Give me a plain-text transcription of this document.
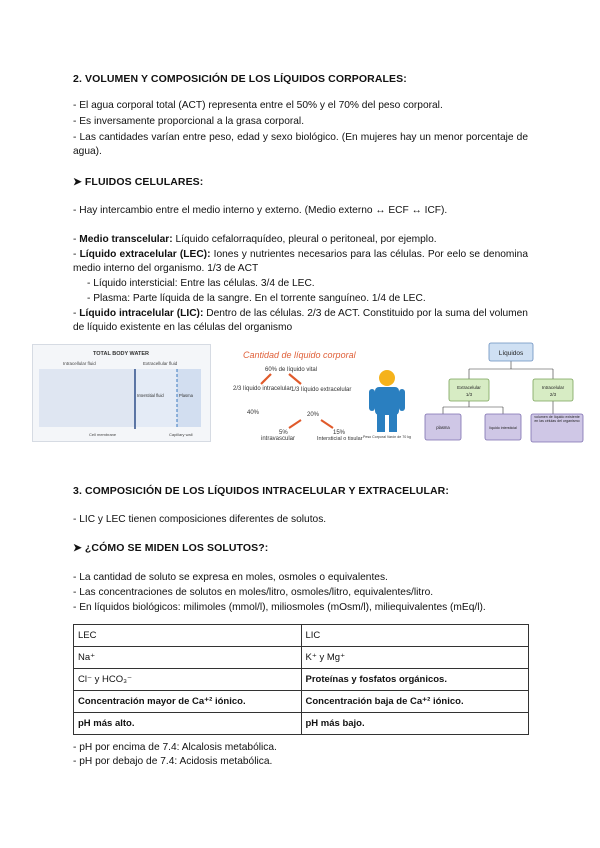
2. VOLUMEN Y COMPOSICIÓN DE LOS LÍQUIDOS CORPORALES:
- El agua corporal total (ACT) representa entre el 50% y el 70% del peso corporal.
- Es inversamente proporcional a la grasa corporal.
- Las cantidades varían entre peso, edad y sexo biológico. (En mujeres hay un menor porcentaje de agua).
➤ FLUIDOS CELULARES:
- Hay intercambio entre el medio interno y externo. (Medio externo ↔ ECF ↔ ICF).
- Medio transcelular: Líquido cefalorraquídeo, pleural o peritoneal, por ejemplo.
- Líquido extracelular (LEC): Iones y nutrientes necesarios para las células. Por eelo se denomina medio interno del organismo. 1/3 de ACT
- Líquido intersticial: Entre las células. 3/4 de LEC.
- Plasma: Parte líquida de la sangre. En el torrente sanguíneo. 1/4 de LEC.
- Líquido intracelular (LIC): Dentro de las células. 2/3 de ACT. Constituido por la suma del volumen de líquido existente en las células del organismo
TOTAL BODY WATER
Intracellular fluid	Extracellular fluid
Interstitial fluid	Plasma
Cell membrane	Capillary wall
Cantidad de líquido corporal
60% de líquido vital
2/3 líquido intracelular
40%
1/3 líquido extracelular
20%
5%
intravascular
15%
Intersticial o tisular Peso Corporal Varón de 70 kg
Líquidos
Extracelular
1/3
Intracelular
2/3
plasma	líquido intersticial
volumen de líquido existente en las células del organismo
3. COMPOSICIÓN DE LOS LÍQUIDOS INTRACELULAR Y EXTRACELULAR:
- LIC y LEC tienen composiciones diferentes de solutos.
➤ ¿CÓMO SE MIDEN LOS SOLUTOS?:
- La cantidad de soluto se expresa en moles, osmoles o equivalentes.
- Las concentraciones de solutos en moles/litro, osmoles/litro, equivalentes/litro.
- En líquidos biológicos: milimoles (mmol/l), miliosmoles (mOsm/l), miliequivalentes (mEq/l).
LEC	LIC
Na⁺	K⁺ y Mg⁺
Cl⁻ y HCO₃⁻	Proteínas y fosfatos orgánicos.
Concentración mayor de Ca⁺² iónico.	Concentración baja de Ca⁺² iónico.
pH más alto.	pH más bajo.
- pH por encima de 7.4: Alcalosis metabólica.
- pH por debajo de 7.4: Acidosis metabólica.
